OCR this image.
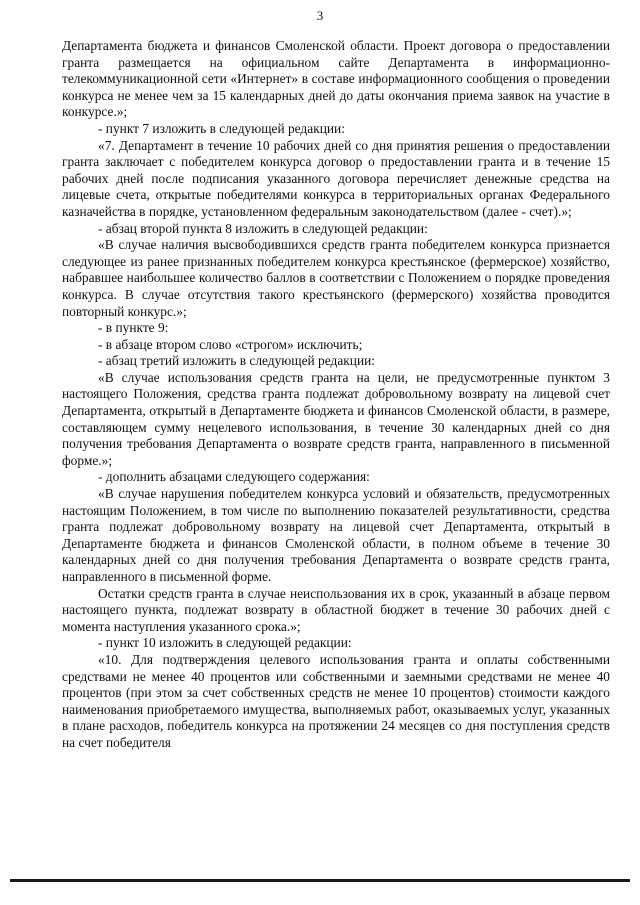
3

Департамента бюджета и финансов Смоленской области. Проект договора о предоставлении гранта размещается на официальном сайте Департамента в информационно-телекоммуникационной сети «Интернет» в составе информационного сообщения о проведении конкурса не менее чем за 15 календарных дней до даты окончания приема заявок на участие в конкурсе.»;

- пункт 7 изложить в следующей редакции:

«7. Департамент в течение 10 рабочих дней со дня принятия решения о предоставлении гранта заключает с победителем конкурса договор о предоставлении гранта и в течение 15 рабочих дней после подписания указанного договора перечисляет денежные средства на лицевые счета, открытые победителями конкурса в территориальных органах Федерального казначейства в порядке, установленном федеральным законодательством (далее - счет).»;

- абзац второй пункта 8 изложить в следующей редакции:

«В случае наличия высвободившихся средств гранта победителем конкурса признается следующее из ранее признанных победителем конкурса крестьянское (фермерское) хозяйство, набравшее наибольшее количество баллов в соответствии с Положением о порядке проведения конкурса. В случае отсутствия такого крестьянского (фермерского) хозяйства проводится повторный конкурс.»;

- в пункте 9:

- в абзаце втором слово «строгом» исключить;

- абзац третий изложить в следующей редакции:

«В случае использования средств гранта на цели, не предусмотренные пунктом 3 настоящего Положения, средства гранта подлежат добровольному возврату на лицевой счет Департамента, открытый в Департаменте бюджета и финансов Смоленской области, в размере, составляющем сумму нецелевого использования, в течение 30 календарных дней со дня получения требования Департамента о возврате средств гранта, направленного в письменной форме.»;

- дополнить абзацами следующего содержания:

«В случае нарушения победителем конкурса условий и обязательств, предусмотренных настоящим Положением, в том числе по выполнению показателей результативности, средства гранта подлежат добровольному возврату на лицевой счет Департамента, открытый в Департаменте бюджета и финансов Смоленской области, в полном объеме в течение 30 календарных дней со дня получения требования Департамента о возврате средств гранта, направленного в письменной форме.

Остатки средств гранта в случае неиспользования их в срок, указанный в абзаце первом настоящего пункта, подлежат возврату в областной бюджет в течение 30 рабочих дней с момента наступления указанного срока.»;

- пункт 10 изложить в следующей редакции:

«10. Для подтверждения целевого использования гранта и оплаты собственными средствами не менее 40 процентов или собственными и заемными средствами не менее 40 процентов (при этом за счет собственных средств не менее 10 процентов) стоимости каждого наименования приобретаемого имущества, выполняемых работ, оказываемых услуг, указанных в плане расходов, победитель конкурса на протяжении 24 месяцев со дня поступления средств на счет победителя
